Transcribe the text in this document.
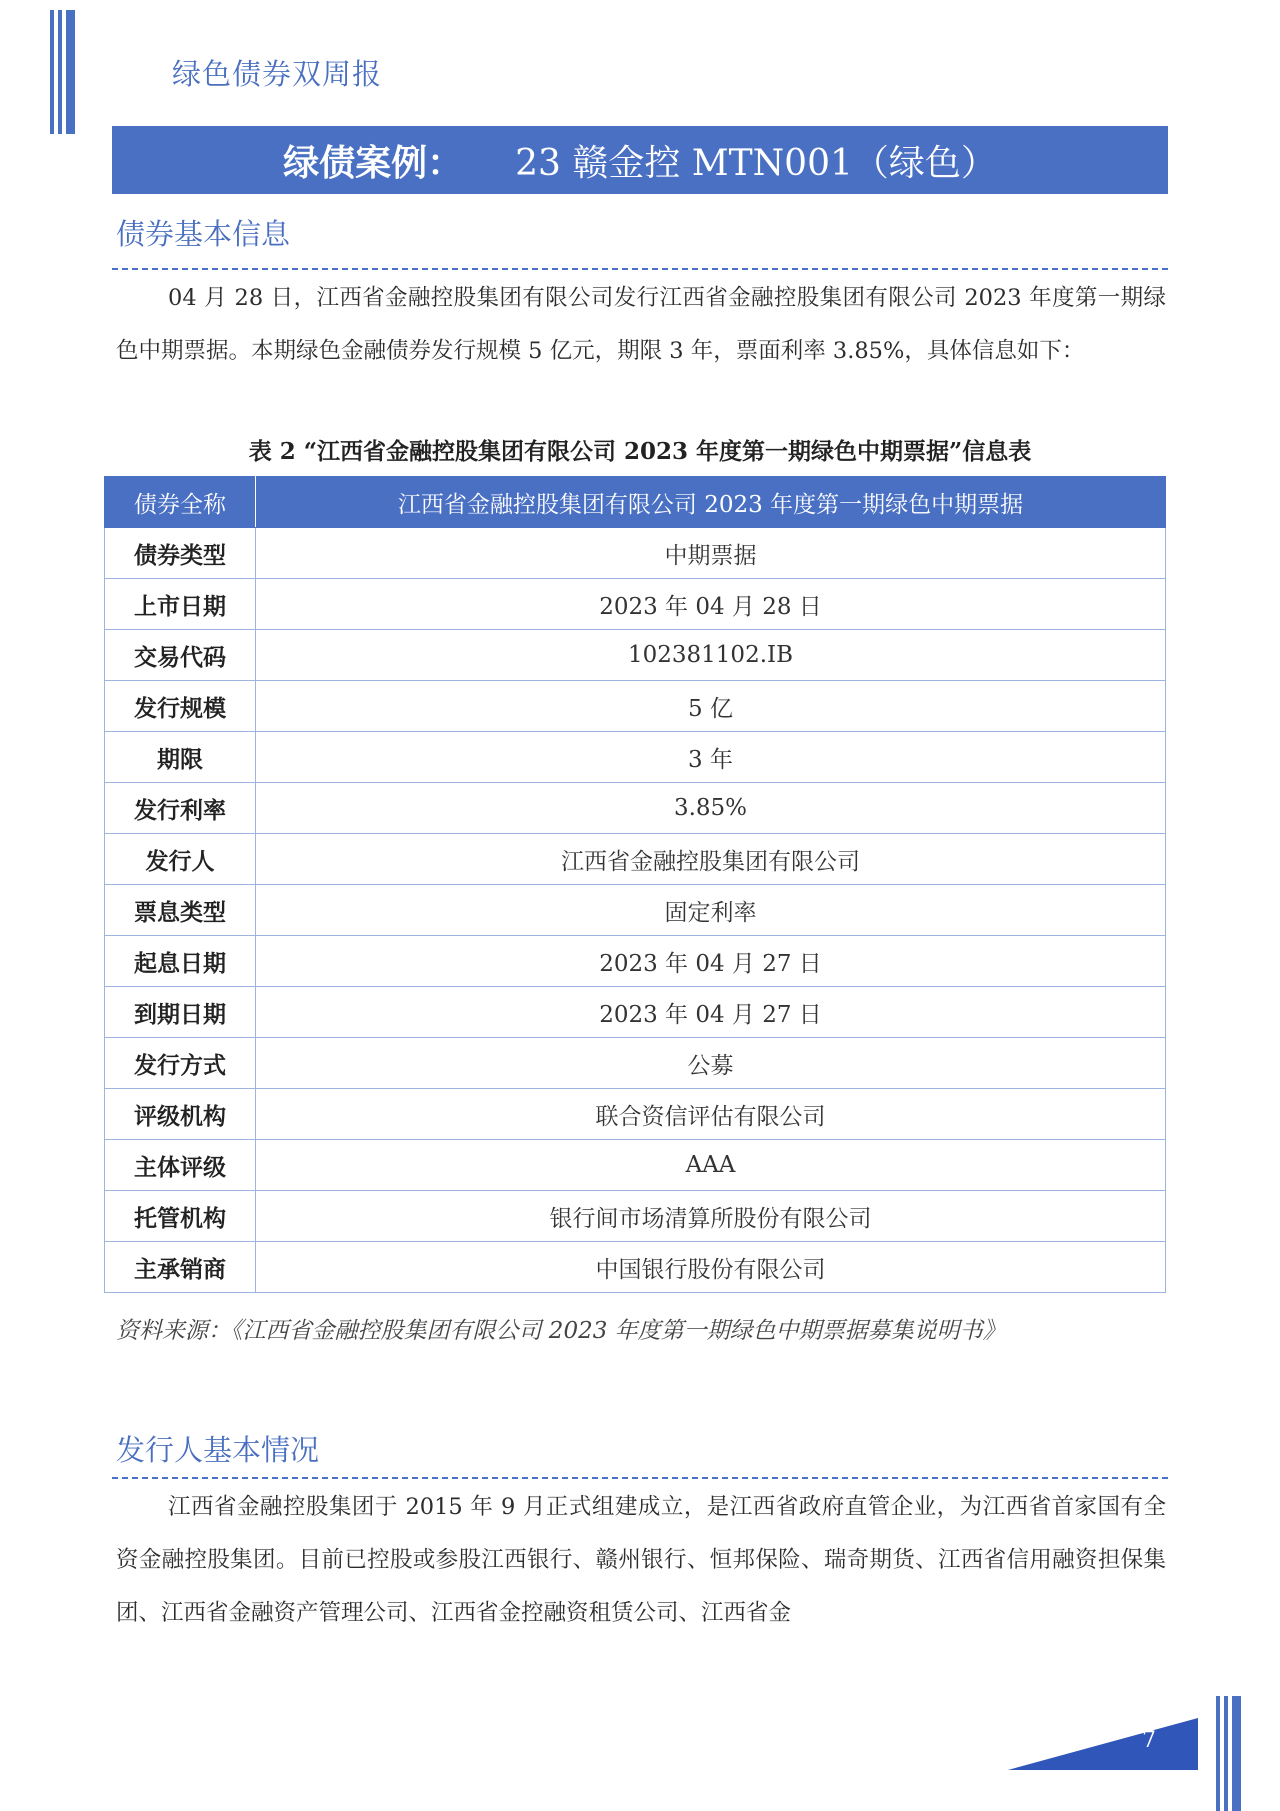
绿色债券双周报
绿债案例： 23 赣金控 MTN001（绿色）
债券基本信息
04 月 28 日，江西省金融控股集团有限公司发行江西省金融控股集团有限公司 2023 年度第一期绿色中期票据。本期绿色金融债券发行规模 5 亿元，期限 3 年，票面利率 3.85%，具体信息如下：
表 2 “江西省金融控股集团有限公司 2023 年度第一期绿色中期票据”信息表
债券全称	江西省金融控股集团有限公司 2023 年度第一期绿色中期票据
债券类型	中期票据
上市日期	2023 年 04 月 28 日
交易代码	102381102.IB
发行规模	5 亿
期限	3 年
发行利率	3.85%
发行人	江西省金融控股集团有限公司
票息类型	固定利率
起息日期	2023 年 04 月 27 日
到期日期	2023 年 04 月 27 日
发行方式	公募
评级机构	联合资信评估有限公司
主体评级	AAA
托管机构	银行间市场清算所股份有限公司
主承销商	中国银行股份有限公司
资料来源：《江西省金融控股集团有限公司 2023 年度第一期绿色中期票据募集说明书》
发行人基本情况
江西省金融控股集团于 2015 年 9 月正式组建成立，是江西省政府直管企业，为江西省首家国有全资金融控股集团。目前已控股或参股江西银行、赣州银行、恒邦保险、瑞奇期货、江西省信用融资担保集团、江西省金融资产管理公司、江西省金控融资租赁公司、江西省金
7
